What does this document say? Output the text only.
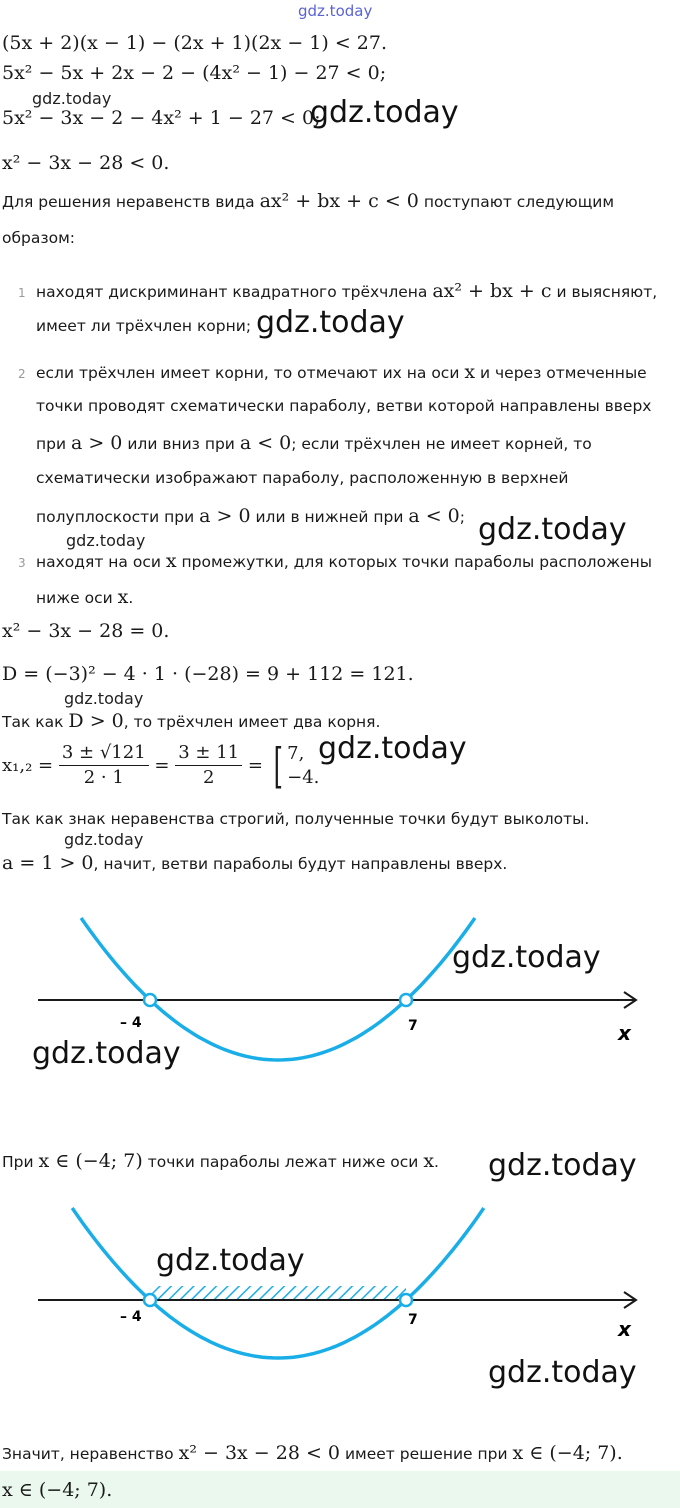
gdz.today
(5x + 2)(x − 1) − (2x + 1)(2x − 1) < 27.
5x² − 5x + 2x − 2 − (4x² − 1) − 27 < 0;
gdz.today
5x² − 3x − 2 − 4x² + 1 − 27 < 0;
gdz.today
x² − 3x − 28 < 0.
Для решения неравенств вида ax² + bx + c < 0 поступают следующим
образом:
1 находят дискриминант квадратного трёхчлена ax² + bx + c и выясняют,
имеет ли трёхчлен корни; gdz.today
2 если трёхчлен имеет корни, то отмечают их на оси x и через отмеченные
точки проводят схематически параболу, ветви которой направлены вверх
при a > 0 или вниз при a < 0; если трёхчлен не имеет корней, то
схематически изображают параболу, расположенную в верхней
полуплоскости при a > 0 или в нижней при a < 0; gdz.today
gdz.today
3 находят на оси x промежутки, для которых точки параболы расположены
ниже оси x.
x² − 3x − 28 = 0.
D = (−3)² − 4 · 1 · (−28) = 9 + 112 = 121.
gdz.today
Так как D > 0, то трёхчлен имеет два корня.
$x_1,_2 = \frac{3 \pm √121}{2 \cdot 1} = \frac{3 \pm 11}{2}$ = [ 7,
−4.
gdz.today
Так как знак неравенства строгий, полученные точки будут выколоты.
gdz.today
a = 1 > 0, начит, ветви параболы будут направлены вверх.
– 4	7	x
gdz.today
gdz.today
При x ∈ (−4; 7) точки параболы лежат ниже оси x. gdz.today
– 4	7	x
gdz.today
gdz.today
Значит, неравенство x² − 3x − 28 < 0 имеет решение при x ∈ (−4; 7).
x ∈ (−4; 7).
